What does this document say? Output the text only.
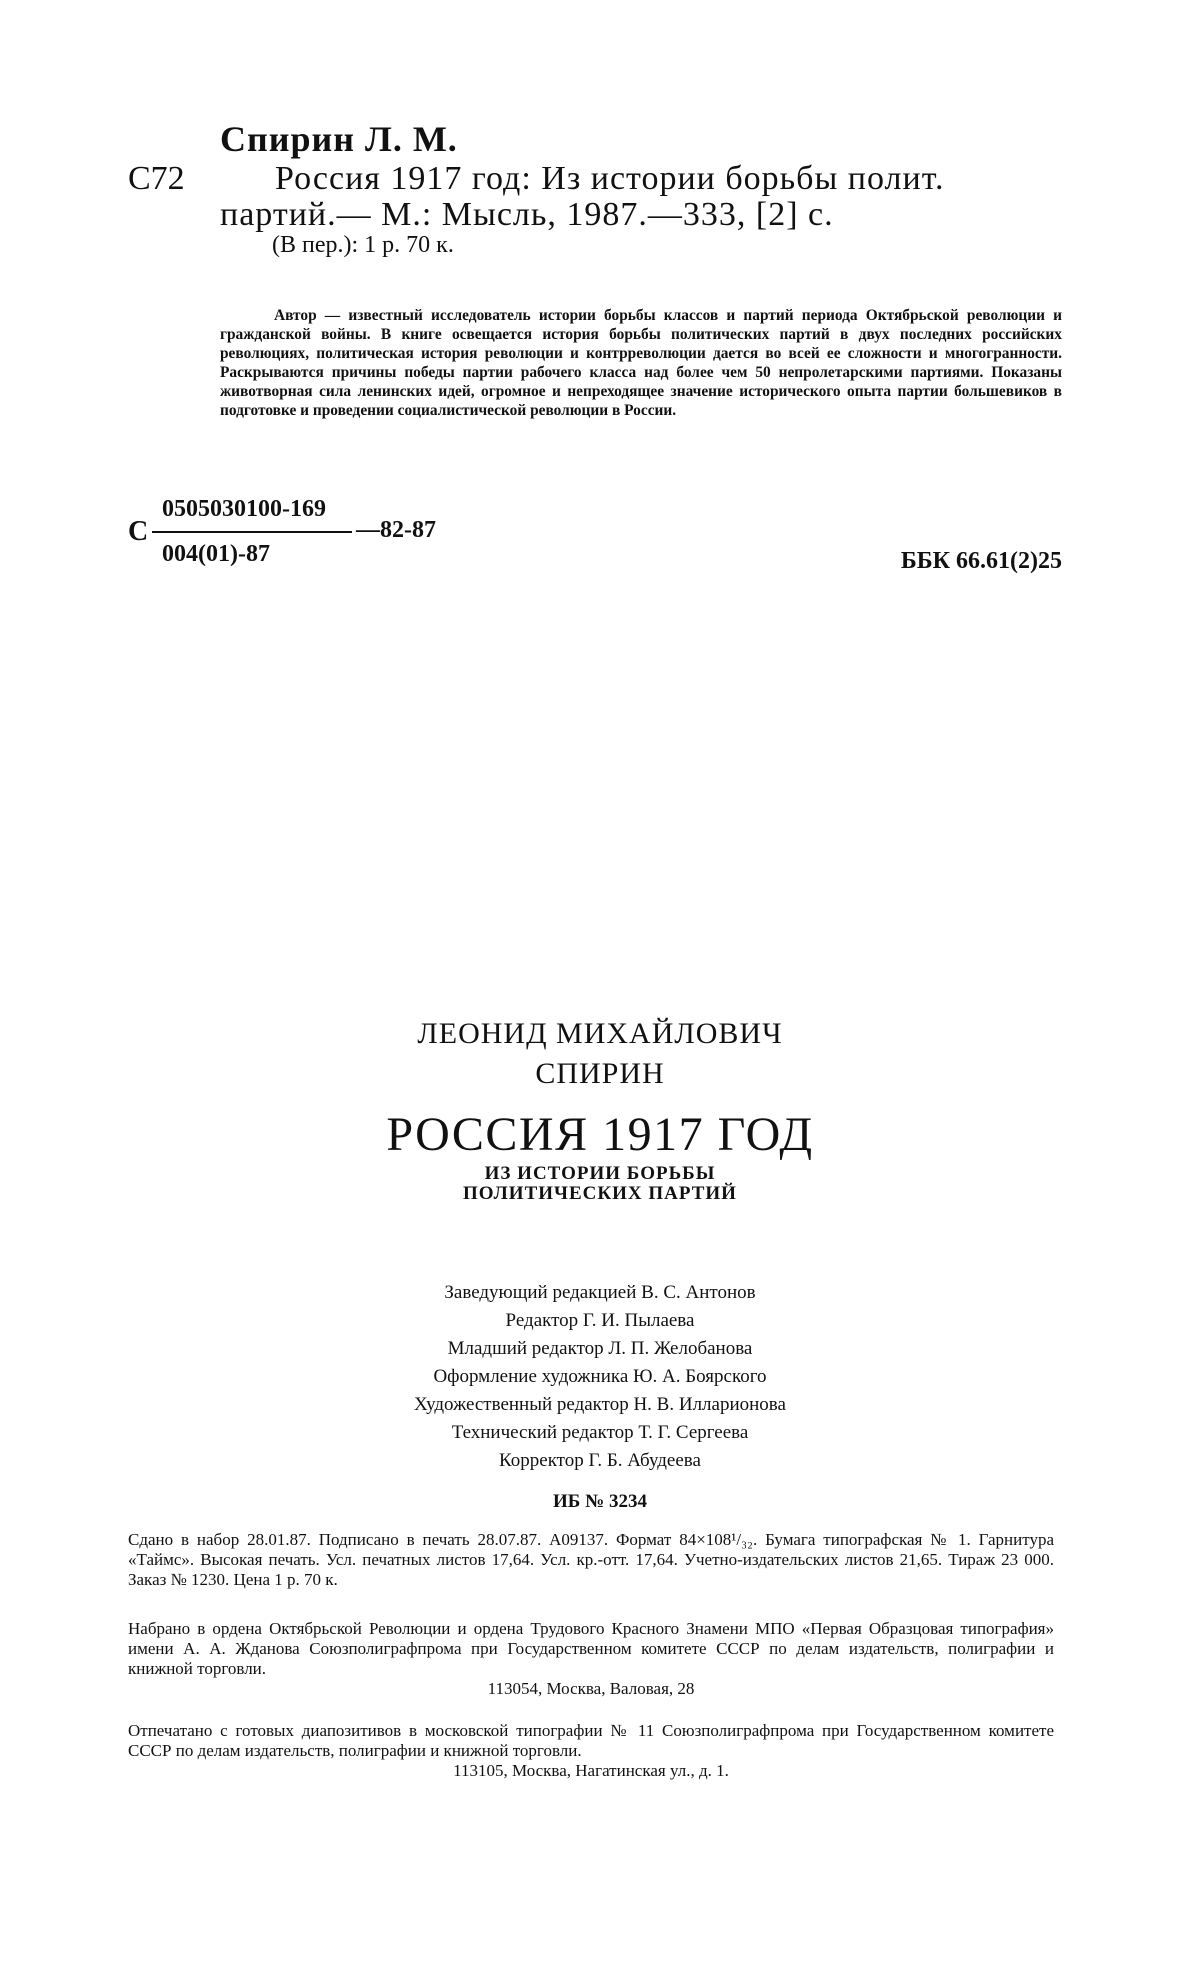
Спирин Л. М.
С72	Россия 1917 год: Из истории борьбы полит.
партий.— М.: Мысль, 1987.—333, [2] с.
(В пер.): 1 р. 70 к.
Автор — известный исследователь истории борьбы классов и партий периода Октябрьской революции и гражданской войны. В книге освещается история борьбы политических партий в двух последних российских революциях, политическая история революции и контрреволюции дается во всей ее сложности и многогранности. Раскрываются причины победы партии рабочего класса над более чем 50 непролетарскими партиями. Показаны животворная сила ленинских идей, огромное и непреходящее значение исторического опыта партии большевиков в подготовке и проведении социалистической революции в России.
С
0505030100-169
004(01)-87
—82-87
ББК 66.61(2)25
ЛЕОНИД МИХАЙЛОВИЧ
СПИРИН
РОССИЯ 1917 ГОД
ИЗ ИСТОРИИ БОРЬБЫ
ПОЛИТИЧЕСКИХ ПАРТИЙ
Заведующий редакцией В. С. Антонов
Редактор Г. И. Пылаева
Младший редактор Л. П. Желобанова
Оформление художника Ю. А. Боярского
Художественный редактор Н. В. Илларионова
Технический редактор Т. Г. Сергеева
Корректор Г. Б. Абудеева
ИБ № 3234
Сдано в набор 28.01.87. Подписано в печать 28.07.87. А09137. Формат 84×108¹/₃₂. Бумага типографская № 1. Гарнитура «Таймс». Высокая печать. Усл. печатных листов 17,64. Усл. кр.-отт. 17,64. Учетно-издательских листов 21,65. Тираж 23 000. Заказ № 1230. Цена 1 р. 70 к.
Набрано в ордена Октябрьской Революции и ордена Трудового Красного Знамени МПО «Первая Образцовая типография» имени А. А. Жданова Союзполиграфпрома при Государственном комитете СССР по делам издательств, полиграфии и книжной торговли.
113054, Москва, Валовая, 28
Отпечатано с готовых диапозитивов в московской типографии № 11 Союзполиграфпрома при Государственном комитете СССР по делам издательств, полиграфии и книжной торговли.
113105, Москва, Нагатинская ул., д. 1.
